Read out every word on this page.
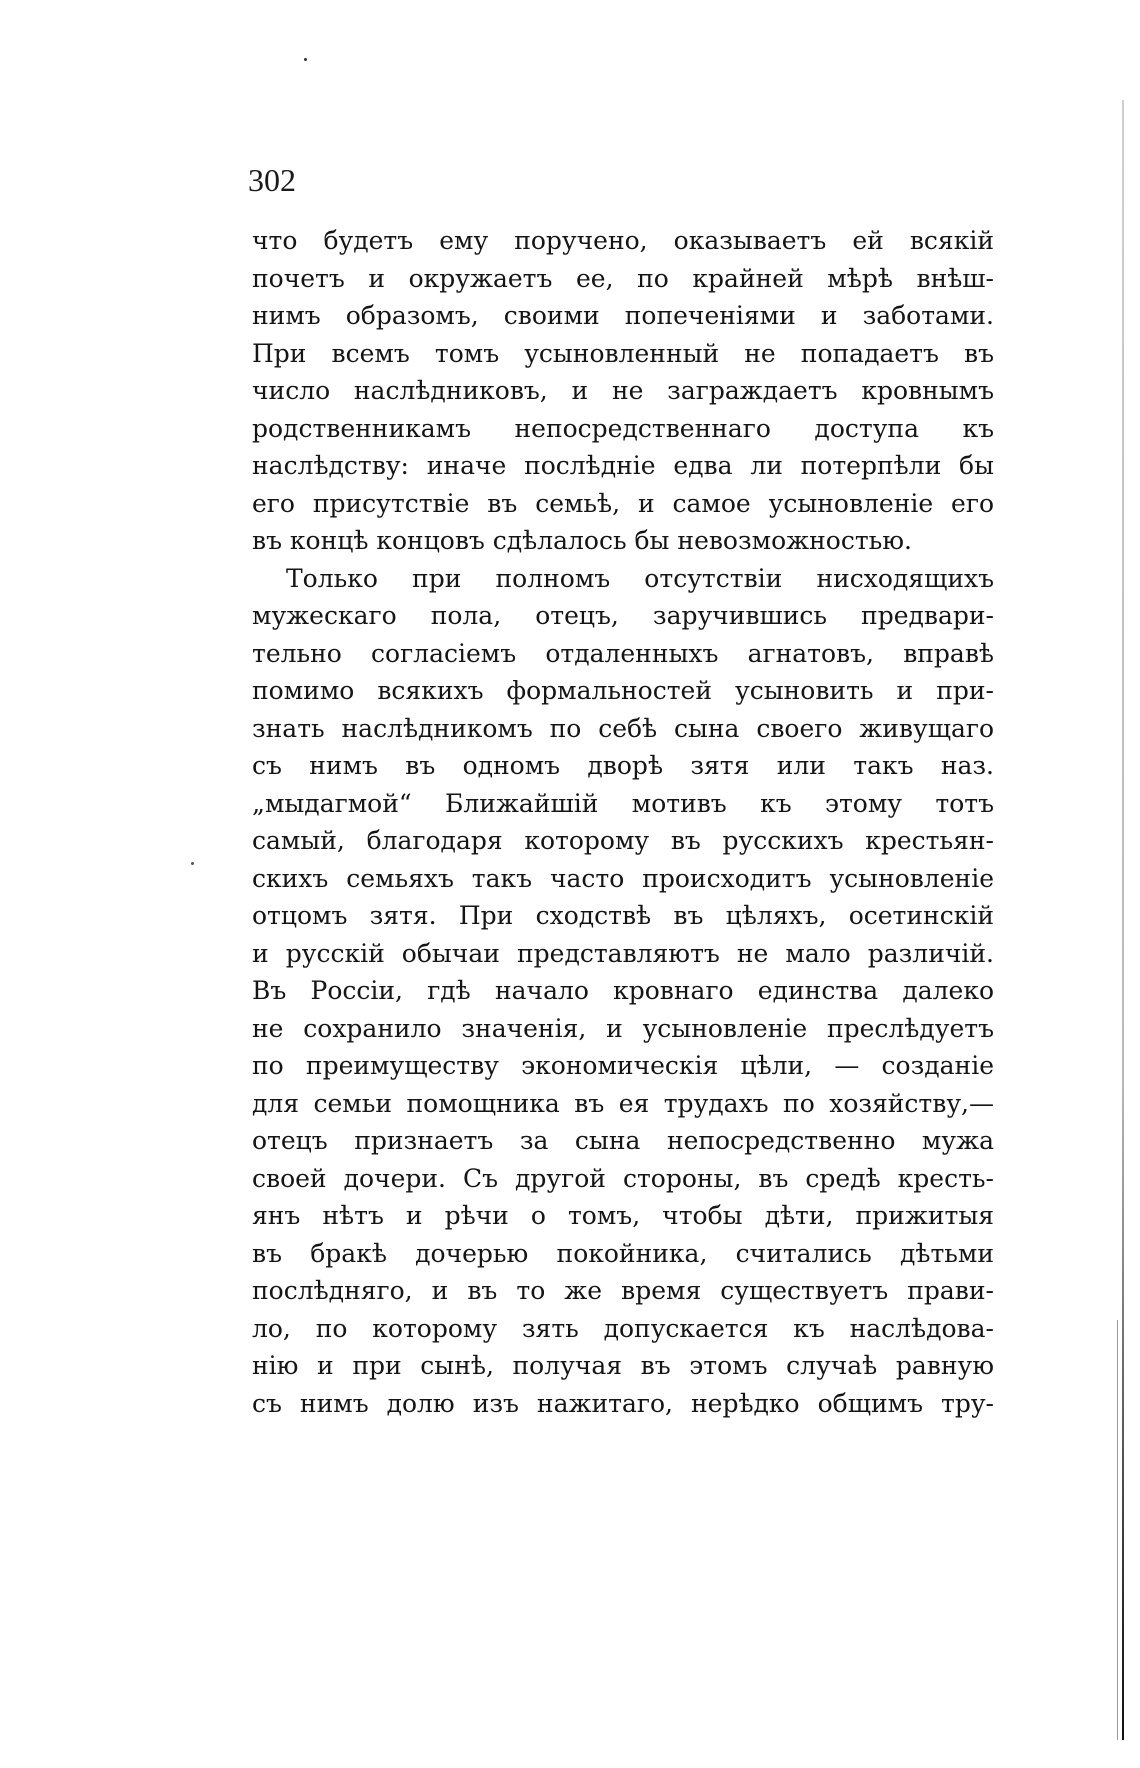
302
что будетъ ему поручено, оказываетъ ей всякій
почетъ и окружаетъ ее, по крайней мѣрѣ внѣш-
нимъ образомъ, своими попеченіями и заботами.
При всемъ томъ усыновленный не попадаетъ въ
число наслѣдниковъ, и не заграждаетъ кровнымъ
родственникамъ непосредственнаго доступа къ
наслѣдству: иначе послѣдніе едва ли потерпѣли бы
его присутствіе въ семьѣ, и самое усыновленіе его
въ концѣ концовъ сдѣлалось бы невозможностью.
Только при полномъ отсутствіи нисходящихъ
мужескаго пола, отецъ, заручившись предвари-
тельно согласіемъ отдаленныхъ агнатовъ, вправѣ
помимо всякихъ формальностей усыновить и при-
знать наслѣдникомъ по себѣ сына своего живущаго
съ нимъ въ одномъ дворѣ зятя или такъ наз.
„мыдагмой“ Ближайшій мотивъ къ этому тотъ
самый, благодаря которому въ русскихъ крестьян-
скихъ семьяхъ такъ часто происходитъ усыновленіе
отцомъ зятя. При сходствѣ въ цѣляхъ, осетинскій
и русскій обычаи представляютъ не мало различій.
Въ Россіи, гдѣ начало кровнаго единства далеко
не сохранило значенія, и усыновленіе преслѣдуетъ
по преимуществу экономическія цѣли, — созданіе
для семьи помощника въ ея трудахъ по хозяйству,—
отецъ признаетъ за сына непосредственно мужа
своей дочери. Съ другой стороны, въ средѣ кресть-
янъ нѣтъ и рѣчи о томъ, чтобы дѣти, прижитыя
въ бракѣ дочерью покойника, считались дѣтьми
послѣдняго, и въ то же время существуетъ прави-
ло, по которому зять допускается къ наслѣдова-
нію и при сынѣ, получая въ этомъ случаѣ равную
съ нимъ долю изъ нажитаго, нерѣдко общимъ тру-
